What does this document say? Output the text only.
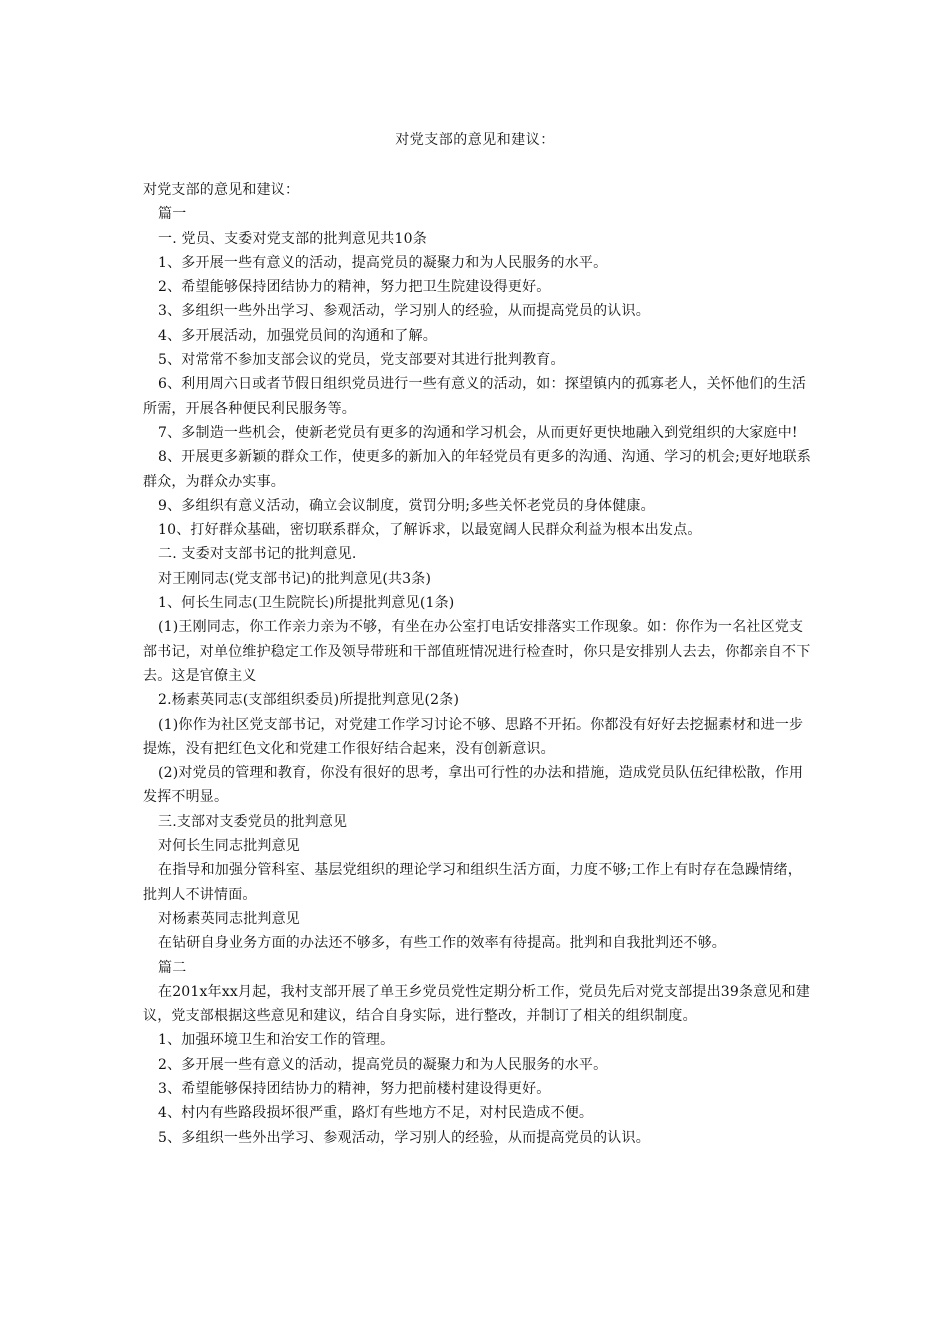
对党支部的意见和建议：

对党支部的意见和建议：

篇一

一. 党员、支委对党支部的批判意见共10条

1、多开展一些有意义的活动，提高党员的凝聚力和为人民服务的水平。

2、希望能够保持团结协力的精神，努力把卫生院建设得更好。

3、多组织一些外出学习、参观活动，学习别人的经验，从而提高党员的认识。

4、多开展活动，加强党员间的沟通和了解。

5、对常常不参加支部会议的党员，党支部要对其进行批判教育。

6、利用周六日或者节假日组织党员进行一些有意义的活动，如：探望镇内的孤寡老人，关怀他们的生活所需，开展各种便民利民服务等。

7、多制造一些机会，使新老党员有更多的沟通和学习机会，从而更好更快地融入到党组织的大家庭中!

8、开展更多新颖的群众工作，使更多的新加入的年轻党员有更多的沟通、沟通、学习的机会;更好地联系群众，为群众办实事。

9、多组织有意义活动，确立会议制度，赏罚分明;多些关怀老党员的身体健康。

10、打好群众基础，密切联系群众，了解诉求，以最宽阔人民群众利益为根本出发点。

二. 支委对支部书记的批判意见.

对王刚同志(党支部书记)的批判意见(共3条)

1、何长生同志(卫生院院长)所提批判意见(1条)

(1)王刚同志，你工作亲力亲为不够，有坐在办公室打电话安排落实工作现象。如：你作为一名社区党支部书记，对单位维护稳定工作及领导带班和干部值班情况进行检查时，你只是安排别人去去，你都亲自不下去。这是官僚主义

2.杨素英同志(支部组织委员)所提批判意见(2条)

(1)你作为社区党支部书记，对党建工作学习讨论不够、思路不开拓。你都没有好好去挖掘素材和进一步提炼，没有把红色文化和党建工作很好结合起来，没有创新意识。

(2)对党员的管理和教育，你没有很好的思考，拿出可行性的办法和措施，造成党员队伍纪律松散，作用发挥不明显。

三.支部对支委党员的批判意见

对何长生同志批判意见

在指导和加强分管科室、基层党组织的理论学习和组织生活方面，力度不够;工作上有时存在急躁情绪，批判人不讲情面。

对杨素英同志批判意见

在钻研自身业务方面的办法还不够多，有些工作的效率有待提高。批判和自我批判还不够。

篇二

在201x年xx月起，我村支部开展了单王乡党员党性定期分析工作，党员先后对党支部提出39条意见和建议，党支部根据这些意见和建议，结合自身实际，进行整改，并制订了相关的组织制度。

1、加强环境卫生和治安工作的管理。

2、多开展一些有意义的活动，提高党员的凝聚力和为人民服务的水平。

3、希望能够保持团结协力的精神，努力把前楼村建设得更好。

4、村内有些路段损坏很严重，路灯有些地方不足，对村民造成不便。

5、多组织一些外出学习、参观活动，学习别人的经验，从而提高党员的认识。
